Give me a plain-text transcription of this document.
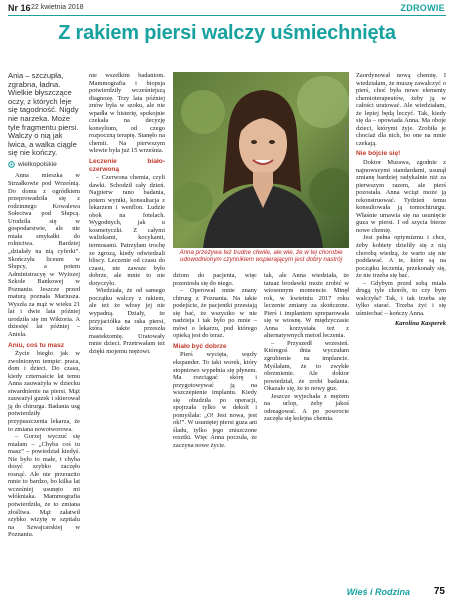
Nr 16 22 kwietnia 2018	ZDROWIE
Z rakiem piersi walczy uśmiechnięta
Ania – szczupła, zgrabna, ładna. Wielkie błyszczące oczy, z których leje się tagodność. Nigdy nie narzeka. Może tyle fragmentu piersi. Walczy o nią jak lwica, a walka ciągle się nie kończy.
wielkopolskie

Anna mieszka w Strzałkowie pod Wrześnią. Do domu z ogródkiem przeprowadziła się z rodzinnego Kowalewa Sołectwa pod Słupcą. Urodziła się w gospodarstwie, ale nie miała smykałki do rolnictwa. Bardziej „działały na nią cyferki”. Skończyła liceum w Słupcy, a potem Administracyę w Wyższej Szkole Bankowej w Poznaniu. Jeszcze przed maturą poznała Mariusza. Wyszła za mąż w wieku 21 lat i dwie lata później urodziła się im Wiktoria. A dziesięć lat później – Aniela.

Aniu, coś tu masz

Życie biegło jak w zwolnionym tempie: praca, dom i dzieci. Do czasu, kiedy czternaście lat temu Anna zauważyła w dziecku stwardnienie na piersi. Mąż zauważył guzek i skierował ją do chirurga. Badania usg potwierdziły przypuszczenia lekarza, że to zmiana nowotworowa.

– Gorzej wyczuć się miałam – „Chyba coś tu masz” – powiedział kiedyś. Nie było to małe, i chyba dosyć szybko zaczęło rosnąć. Ale nie przerazito mnie to bardzo, bo kilka lat wcześniej usunęto mi włókniaka. Mammografia potwierdziła, że to zmiana złośliwa. Mąż załatwił szybko wizytę w szpitalu na Szwajcarskiej w Poznaniu.

nie wszelkim badaniom. Mammografia i biopsja potwierdziły wcześniejszą diagnozę. Trzy lata później znów była w szoku, ale nie wpadła w histerię, spokojnie czekała na decyzję konsylium, od czego rozpoczną terapię. Stanęło na chemii. Na pierwszym wlewie była już 15 września.

Leczenie biało-czerwoną

– Czerwona chemia, czyli dawki. Schodził cały dzień. Najpierw rano badania, potem wyniki, konsultacja z lekarzem i wenflon. Ludzie obok na fotelach. Wygodnych, jak u kosmetyczki. Z całymi walizkami, kocykami, termosami. Patrzyłam trochę ze zgrozą, kiedy odwiedzali bliscy. Leczenie od czasu do czasu, nie zawsze było dobrze, ale mnie to nie dotyczyło.

Wiedziała, że od samego początku walczy z rakiem, ale też że włosy jej nie wypadną. Działy, że przyjaciółka na raka piersi, która także przeszła mastektomię. Uratowały mnie dzieci. Przetrwałam też dzięki mojemu mężowi.

Fot. Ikuka Kasperek
Anna przeżywa też trudne chwile, ale wie, że w tej chorobie udowodnionym czynnikiem wspierającym jest dobry nastrój

dziom do pacjenta, więc przeniosła się do niego.

– Operował mnie znany chirurg z Poznania. Na takie podejście, że pacjentki przestają się bać, że wszystko w nie nadzieja i tak było po mnie – mówi o lekarzu, pod którego opieką jest do teraz.

Miało być dobrze

Pierś wycięta, węzły ekspander. To taki worek, który stopniowo wypełnia się płynem. Ma rozciągać skórę i przygotowywać ją na wszczepienie implantu. Kiedy się obudziła po operacji, spojrzała tylko w dekolt i pomyślała: „O! Jest nowa, jest ok!”. W usuniętej piersi guza ani śladu, tylko jego zniszczone resztki. Więc Anna poczuła, że zaczyna nowe życie.

tak, ale Anna wiedziała, że tatuaż brodawki może zrobić w wiosennym momencie. Minęł rok, w kwietniu 2017 roku leczenie zmiany za skończone. Pierś i implantem spreparowała się w wiosnę. W międzyczasie Anna korzystała też z alternatywnych metod leczenia.

– Przyszedł wrzesień. Któregoś dnia wyczułam zgrubienie na implancie. Myślałam, że to zwykłe obrzmienie. Ale doktor powiedział, że zrobi badania. Okazało się, że to nowy guz.

Jeszcze wyjechała z mężem na urlop, żeby jakoś odreagować. A po powrocie zaczęła się kolejna chemia.

Zaordynował nową chemię. I wiedziałam, że muszę zawalczyć o pierś, choć była nowe elementy chemioterapeutów, żeby ją w całości uratować. Ale wiedziałam, że lepiej będą leczyć. Tak, kiedy się da – opowiada Anna. Ma oboje dzieci, którymi żyje. Zrobiła je chociaż dla nich, bo one na mnie czekają.

Nie bójcie się!

Doktor Murawa, zgodnie z najnowszymi standardami, usunął zmianę bardziej radykalnie niż za pierwszym razem, ale pierś pozostała. Anna wciąż może ją rekonstruować. Tydzień temu konsultowała ją tomochirurgu. Właśnie umawia się na usunięcie guza w piersi. I od szycia bierze nowe chemię.

Jest pełna optymizmu i chce, żeby kobiety dzieliły się z nią chorobą wiedzą, że warto się nie poddawać. A te, które są na początku leczenia, przekonały się, że nie trzeba się bać.

– Gdybym przed sobą miała drugą tyle chorób, to czy bym walczyła? Tak, i tak trzeba się tylko starać. Trzeba żyć i się uśmiechać – kończy Anna.

Karolina Kasperek
Wieś i Rodzina 75
